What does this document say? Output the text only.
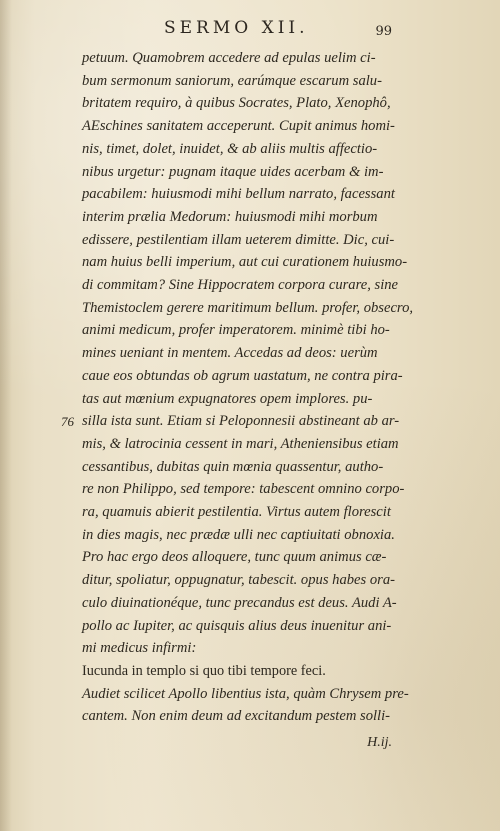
SERMO XII.	99
76
petuum. Quamobrem accedere ad epulas uelim ci-
bum sermonum saniorum, earúmque escarum salu-
britatem requiro, à quibus Socrates, Plato, Xenophô,
AEschines sanitatem acceperunt. Cupit animus homi-
nis, timet, dolet, inuidet, & ab aliis multis affectio-
nibus urgetur: pugnam itaque uides acerbam & im-
pacabilem: huiusmodi mihi bellum narrato, facessant
interim prælia Medorum: huiusmodi mihi morbum
edissere, pestilentiam illam ueterem dimitte. Dic, cui-
nam huius belli imperium, aut cui curationem huiusmo-
di commitam? Sine Hippocratem corpora curare, sine
Themistoclem gerere maritimum bellum. profer, obsecro,
animi medicum, profer imperatorem. minimè tibi ho-
mines ueniant in mentem. Accedas ad deos: uerùm
caue eos obtundas ob agrum uastatum, ne contra pira-
tas aut mœnium expugnatores opem implores. pu-
silla ista sunt. Etiam si Peloponnesii abstineant ab ar-
mis, & latrocinia cessent in mari, Atheniensibus etiam
cessantibus, dubitas quin mœnia quassentur, autho-
re non Philippo, sed tempore: tabescent omnino corpo-
ra, quamuis abierit pestilentia. Virtus autem florescit
in dies magis, nec prædæ ulli nec captiuitati obnoxia.
Pro hac ergo deos alloquere, tunc quum animus cæ-
ditur, spoliatur, oppugnatur, tabescit. opus habes ora-
culo diuinationéque, tunc precandus est deus. Audi A-
pollo ac Iupiter, ac quisquis alius deus inuenitur ani-
mi medicus infirmi:
Iucunda in templo si quo tibi tempore feci.
Audiet scilicet Apollo libentius ista, quàm Chrysem pre-
cantem. Non enim deum ad excitandum pestem solli-
H.ij.
